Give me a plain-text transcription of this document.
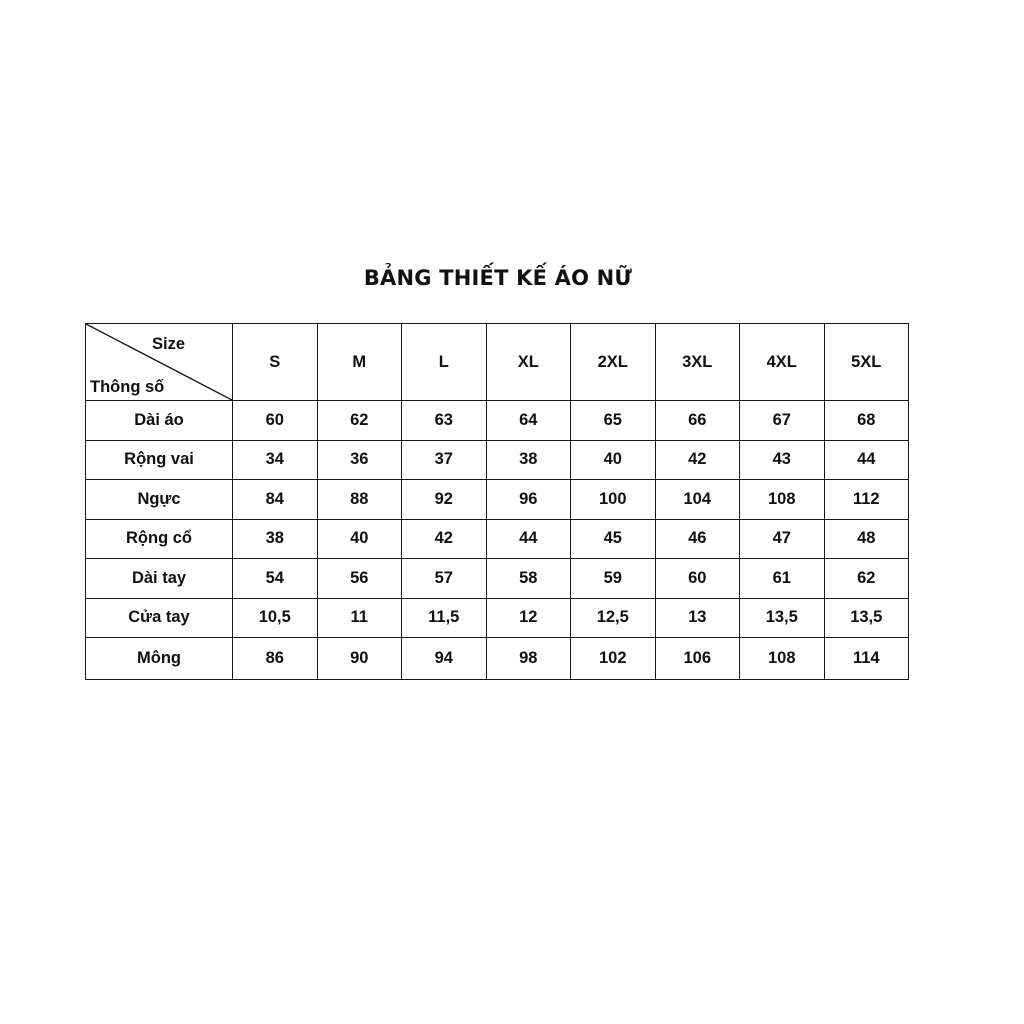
BẢNG THIẾT KẾ ÁO NỮ
Size
Thông số	S	M	L	XL	2XL	3XL	4XL	5XL
Dài áo	60	62	63	64	65	66	67	68
Rộng vai	34	36	37	38	40	42	43	44
Ngực	84	88	92	96	100	104	108	112
Rộng cổ	38	40	42	44	45	46	47	48
Dài tay	54	56	57	58	59	60	61	62
Cửa tay	10,5	11	11,5	12	12,5	13	13,5	13,5
Mông	86	90	94	98	102	106	108	114
